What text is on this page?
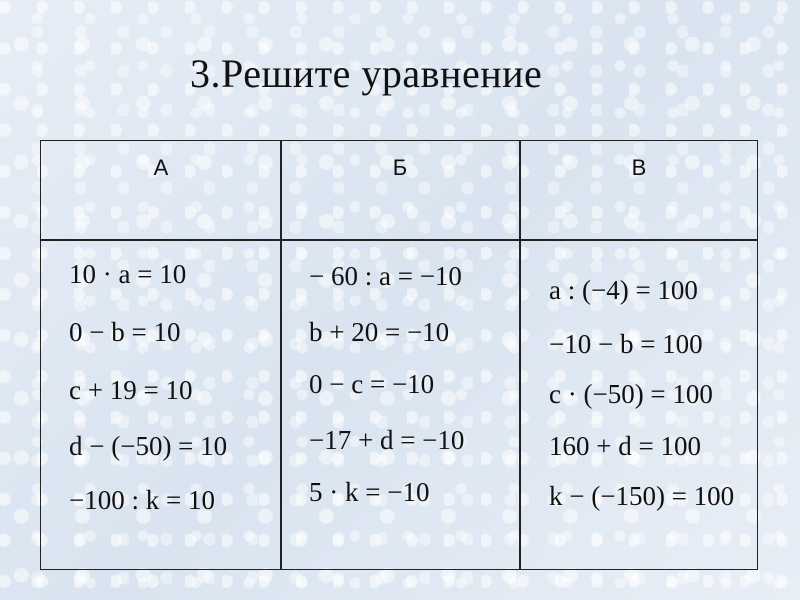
3.Решите уравнение
А	Б	В
10 · a = 10
0 − b = 10
c + 19 = 10
d − (−50) = 10
−100 : k = 10
− 60 : a = −10
b + 20 = −10
0 − c = −10
−17 + d = −10
5 · k = −10
a : (−4) = 100
−10 − b = 100
c · (−50) = 100
160 + d = 100
k − (−150) = 100
